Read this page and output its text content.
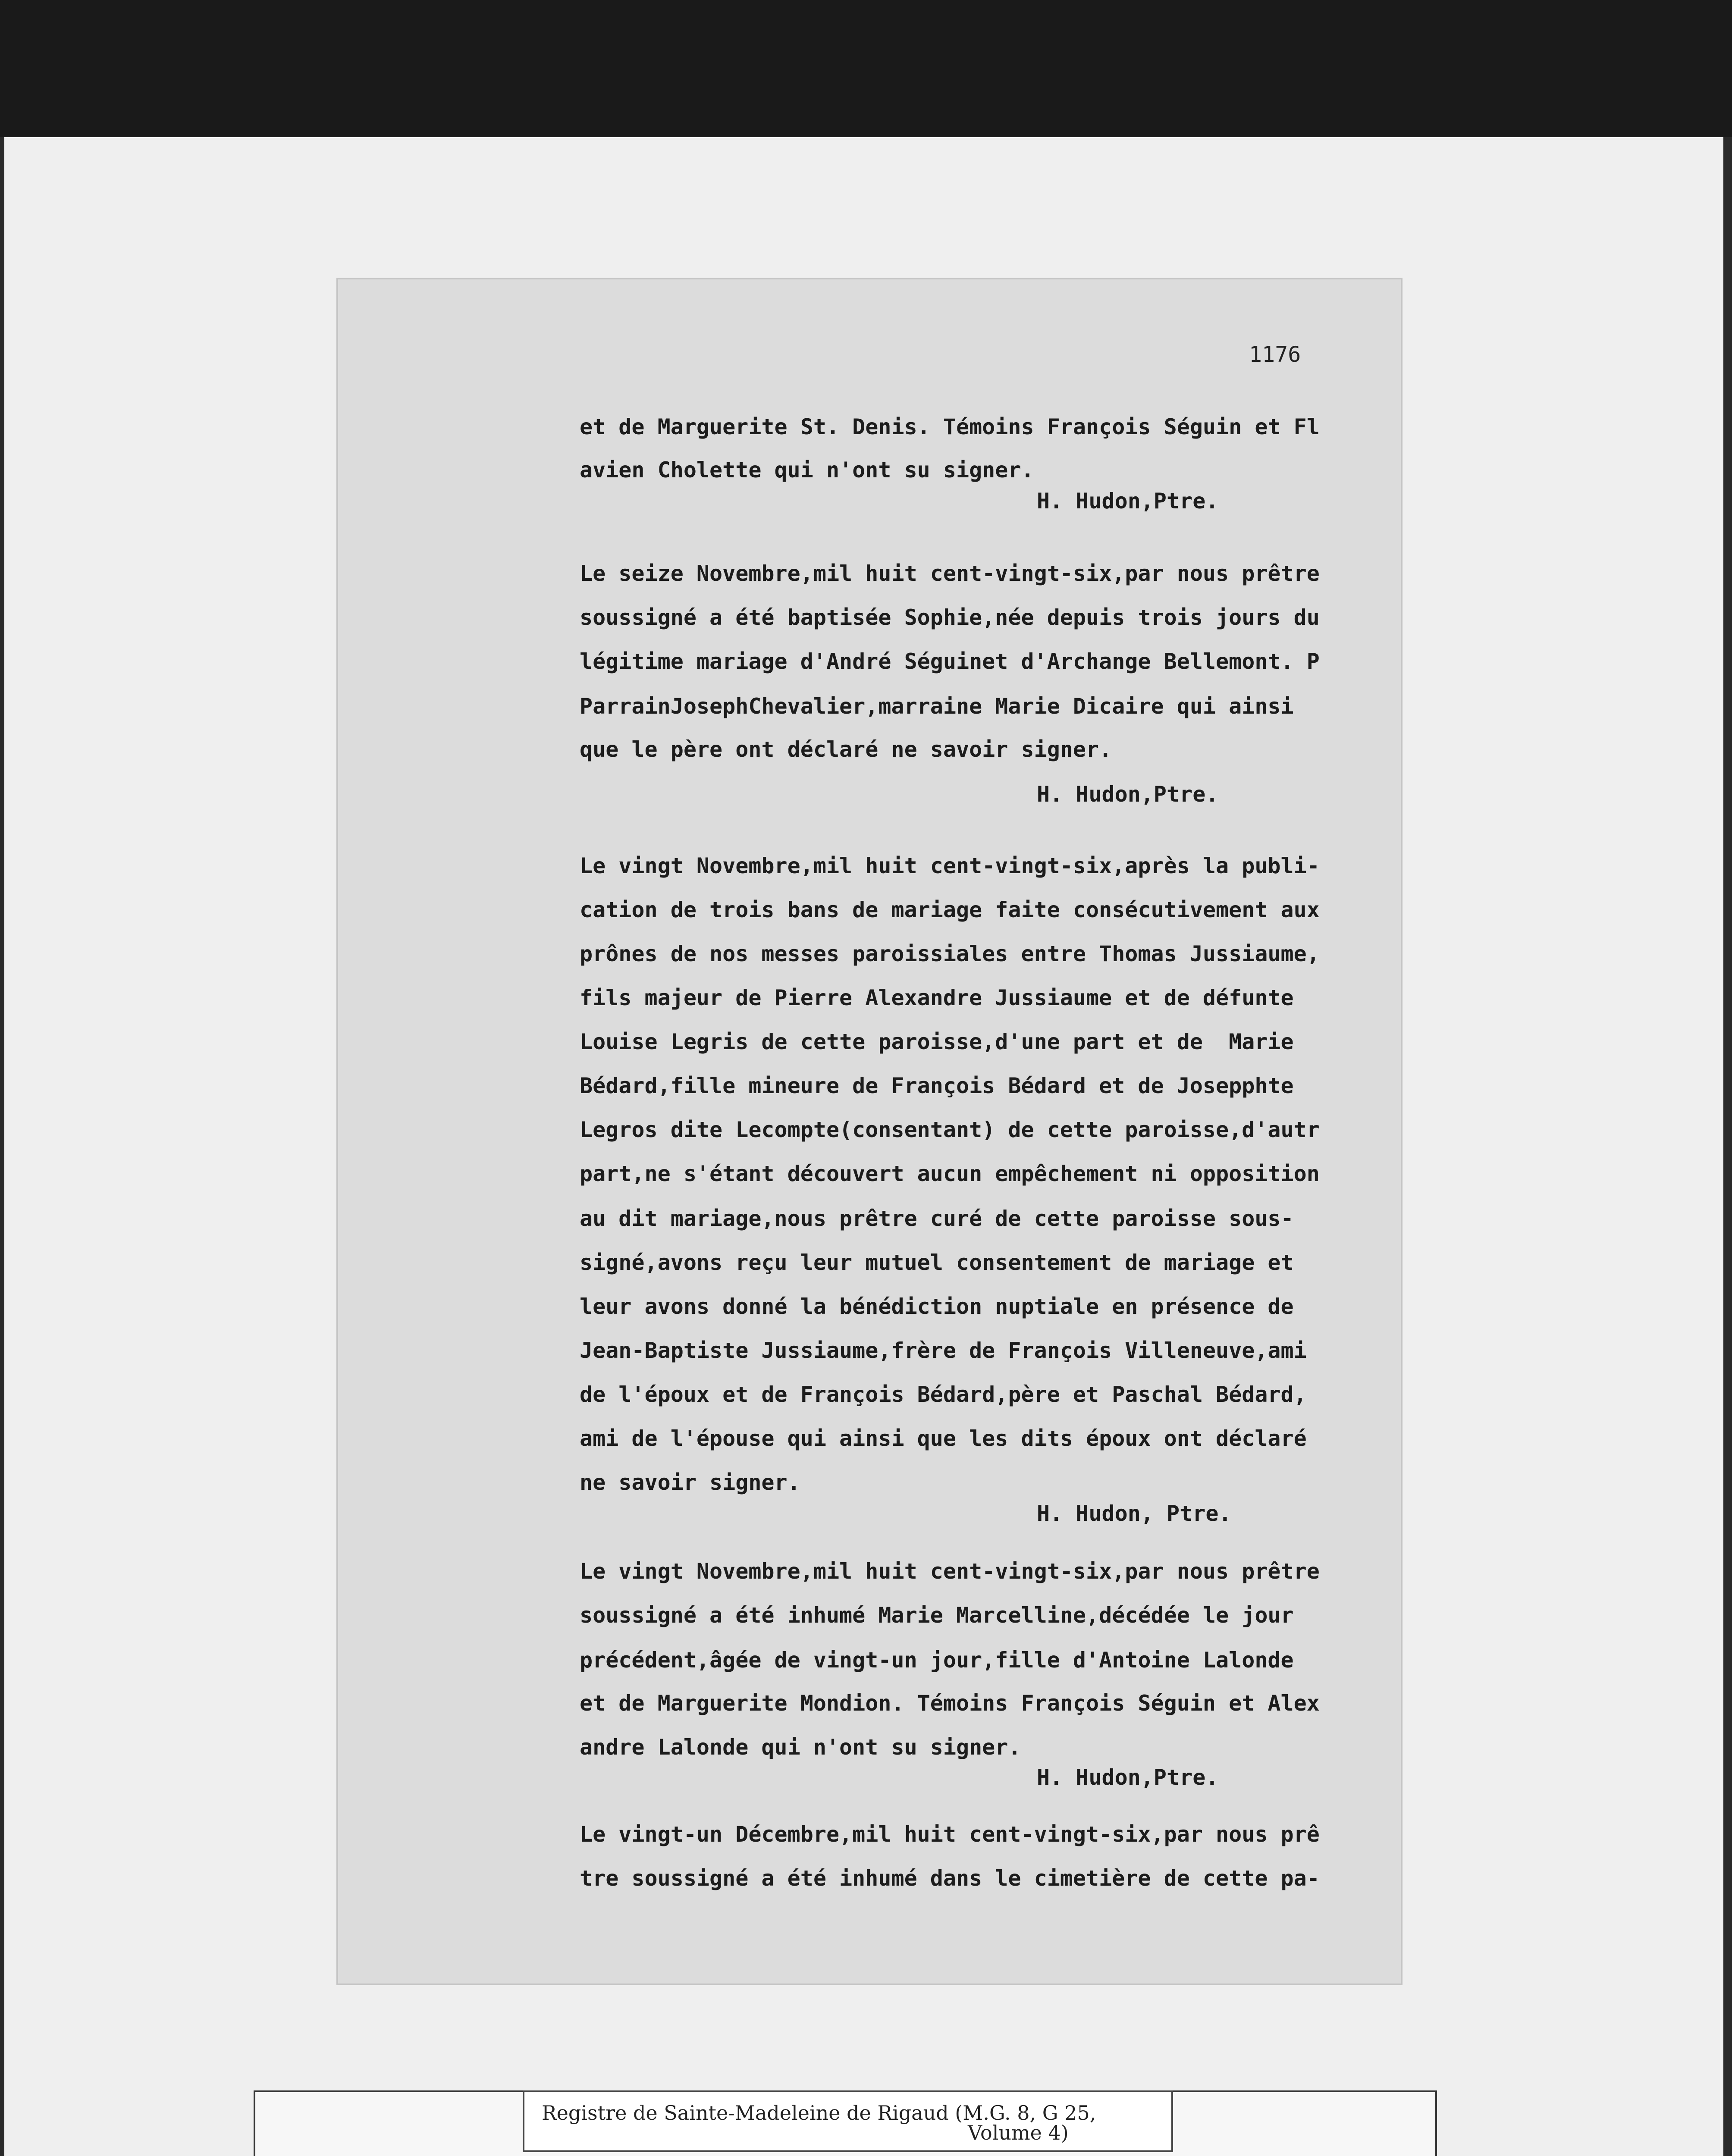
1176
et de Marguerite St. Denis. Témoins François Séguin et Fl
avien Cholette qui n'ont su signer.
H. Hudon,Ptre.
Le seize Novembre,mil huit cent-vingt-six,par nous prêtre
soussigné a été baptisée Sophie,née depuis trois jours du
légitime mariage d'André Séguinet d'Archange Bellemont. P
ParrainJosephChevalier,marraine Marie Dicaire qui ainsi
que le père ont déclaré ne savoir signer.
H. Hudon,Ptre.
Le vingt Novembre,mil huit cent-vingt-six,après la publi-
cation de trois bans de mariage faite consécutivement aux
prônes de nos messes paroissiales entre Thomas Jussiaume,
fils majeur de Pierre Alexandre Jussiaume et de défunte
Louise Legris de cette paroisse,d'une part et de  Marie
Bédard,fille mineure de François Bédard et de Josepphte
Legros dite Lecompte(consentant) de cette paroisse,d'autr
part,ne s'étant découvert aucun empêchement ni opposition
au dit mariage,nous prêtre curé de cette paroisse sous-
signé,avons reçu leur mutuel consentement de mariage et
leur avons donné la bénédiction nuptiale en présence de
Jean-Baptiste Jussiaume,frère de François Villeneuve,ami
de l'époux et de François Bédard,père et Paschal Bédard,
ami de l'épouse qui ainsi que les dits époux ont déclaré
ne savoir signer.
H. Hudon, Ptre.
Le vingt Novembre,mil huit cent-vingt-six,par nous prêtre
soussigné a été inhumé Marie Marcelline,décédée le jour
précédent,âgée de vingt-un jour,fille d'Antoine Lalonde
et de Marguerite Mondion. Témoins François Séguin et Alex
andre Lalonde qui n'ont su signer.
H. Hudon,Ptre.
Le vingt-un Décembre,mil huit cent-vingt-six,par nous prê
tre soussigné a été inhumé dans le cimetière de cette pa-
Registre de Sainte-Madeleine de Rigaud (M.G. 8, G 25,
Volume 4)
